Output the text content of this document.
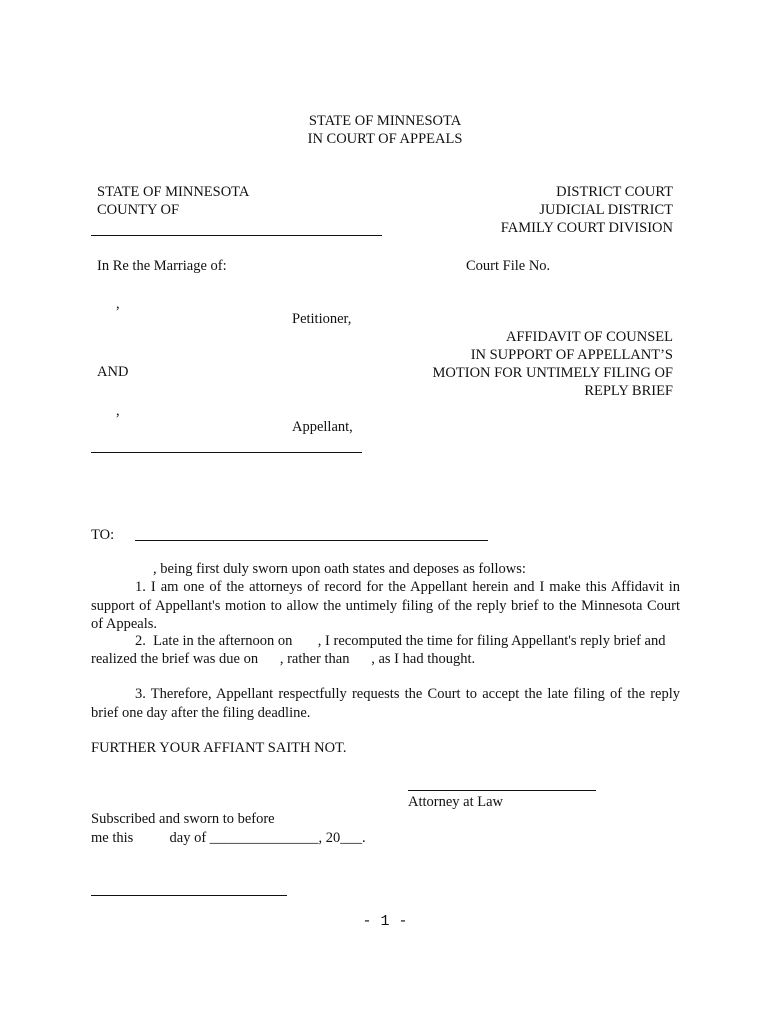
STATE OF MINNESOTA
IN COURT OF APPEALS
STATE OF MINNESOTA
COUNTY OF
DISTRICT COURT
JUDICIAL DISTRICT
FAMILY COURT DIVISION
In Re the Marriage of:	Court File No.
,
Petitioner,
AND
,
Appellant,
AFFIDAVIT OF COUNSEL
IN SUPPORT OF APPELLANT’S
MOTION FOR UNTIMELY FILING OF
REPLY BRIEF
TO:
, being first duly sworn upon oath states and deposes as follows:
1. I am one of the attorneys of record for the Appellant herein and I make this Affidavit in support of Appellant's motion to allow the untimely filing of the reply brief to the Minnesota Court of Appeals.
2.  Late in the afternoon on       , I recomputed the time for filing Appellant's reply brief and
realized the brief was due on      , rather than      , as I had thought.
3. Therefore, Appellant respectfully requests the Court to accept the late filing of the reply brief one day after the filing deadline.
FURTHER YOUR AFFIANT SAITH NOT.
Attorney at Law
Subscribed and sworn to before
me this          day of _______________, 20___.
- 1 -
